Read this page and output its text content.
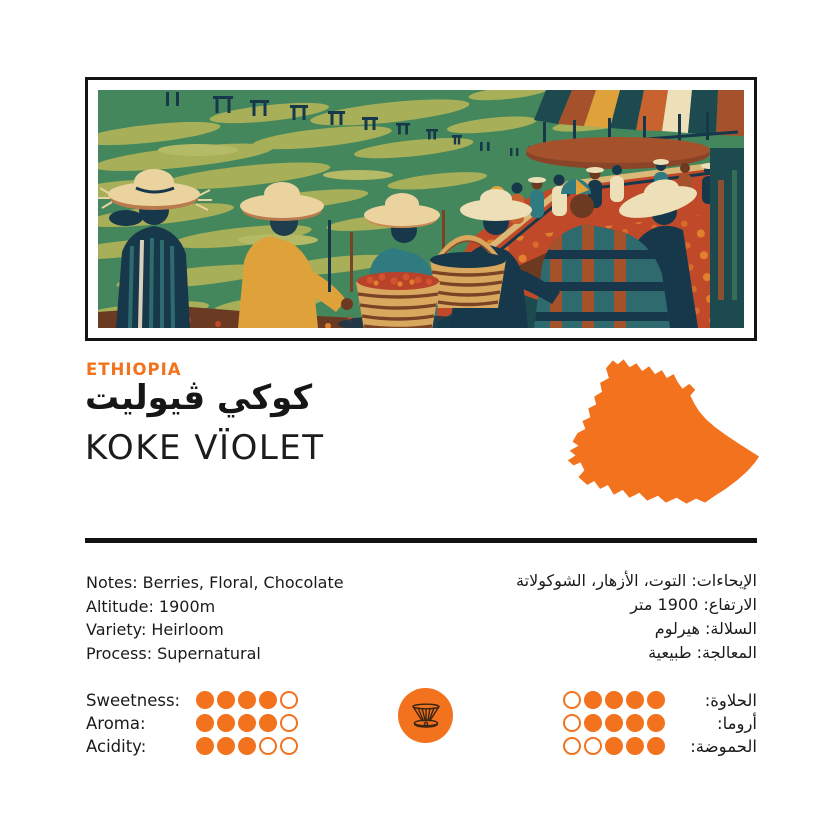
ETHIOPIA
كوكي ڤيوليت
KOKE VÏOLET
Notes: Berries, Floral, Chocolate
Altitude: 1900m
Variety: Heirloom
Process: Supernatural
الإيحاءات: التوت، الأزهار، الشوكولاتة
الارتفاع: 1900 متر
السلالة: هيرلوم
المعالجة: طبيعية
Sweetness:
Aroma:
Acidity:
الحلاوة:
أروما:
الحموضة:
